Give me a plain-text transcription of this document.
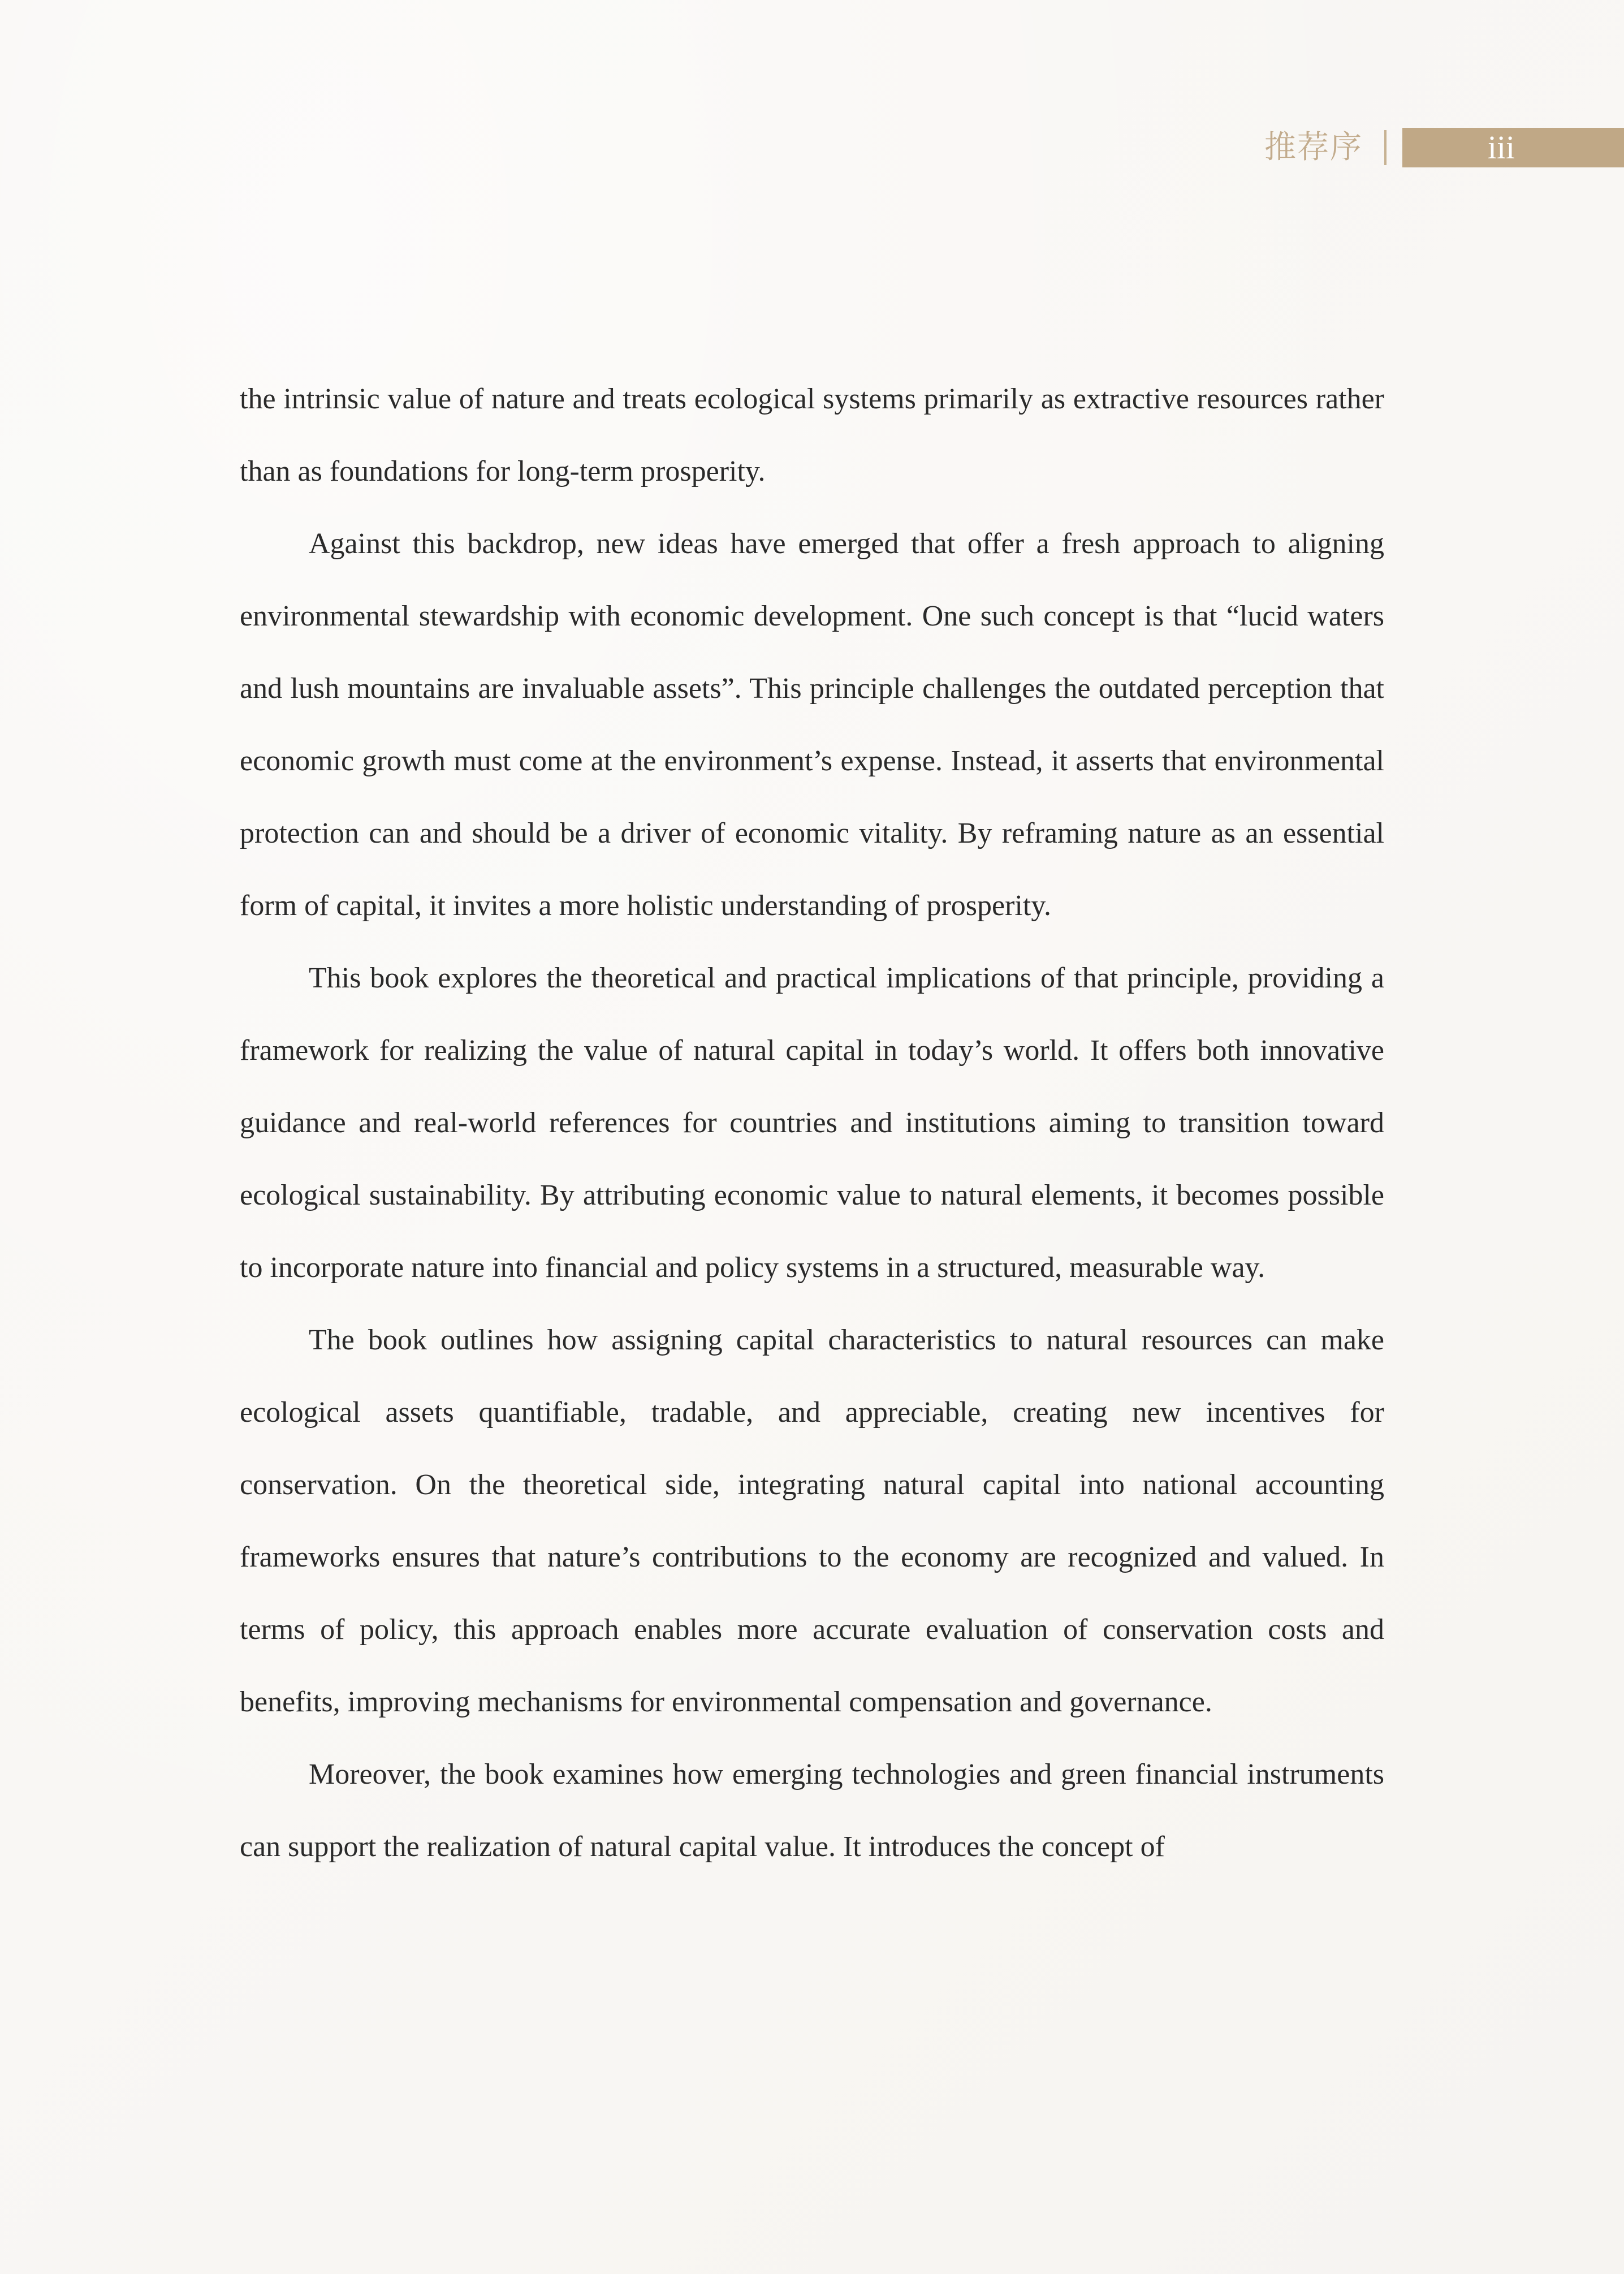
推荐序	iii

the intrinsic value of nature and treats ecological systems primarily as extractive resources rather than as foundations for long-term prosperity.

Against this backdrop, new ideas have emerged that offer a fresh approach to aligning environmental stewardship with economic development. One such concept is that “lucid waters and lush mountains are invaluable assets”. This principle challenges the outdated perception that economic growth must come at the environment’s expense. Instead, it asserts that environmental protection can and should be a driver of economic vitality. By reframing nature as an essential form of capital, it invites a more holistic understanding of prosperity.

This book explores the theoretical and practical implications of that principle, providing a framework for realizing the value of natural capital in today’s world. It offers both innovative guidance and real-world references for countries and institutions aiming to transition toward ecological sustainability. By attributing economic value to natural elements, it becomes possible to incorporate nature into financial and policy systems in a structured, measurable way.

The book outlines how assigning capital characteristics to natural resources can make ecological assets quantifiable, tradable, and appreciable, creating new incentives for conservation. On the theoretical side, integrating natural capital into national accounting frameworks ensures that nature’s contributions to the economy are recognized and valued. In terms of policy, this approach enables more accurate evaluation of conservation costs and benefits, improving mechanisms for environmental compensation and governance.

Moreover, the book examines how emerging technologies and green financial instruments can support the realization of natural capital value. It introduces the concept of
